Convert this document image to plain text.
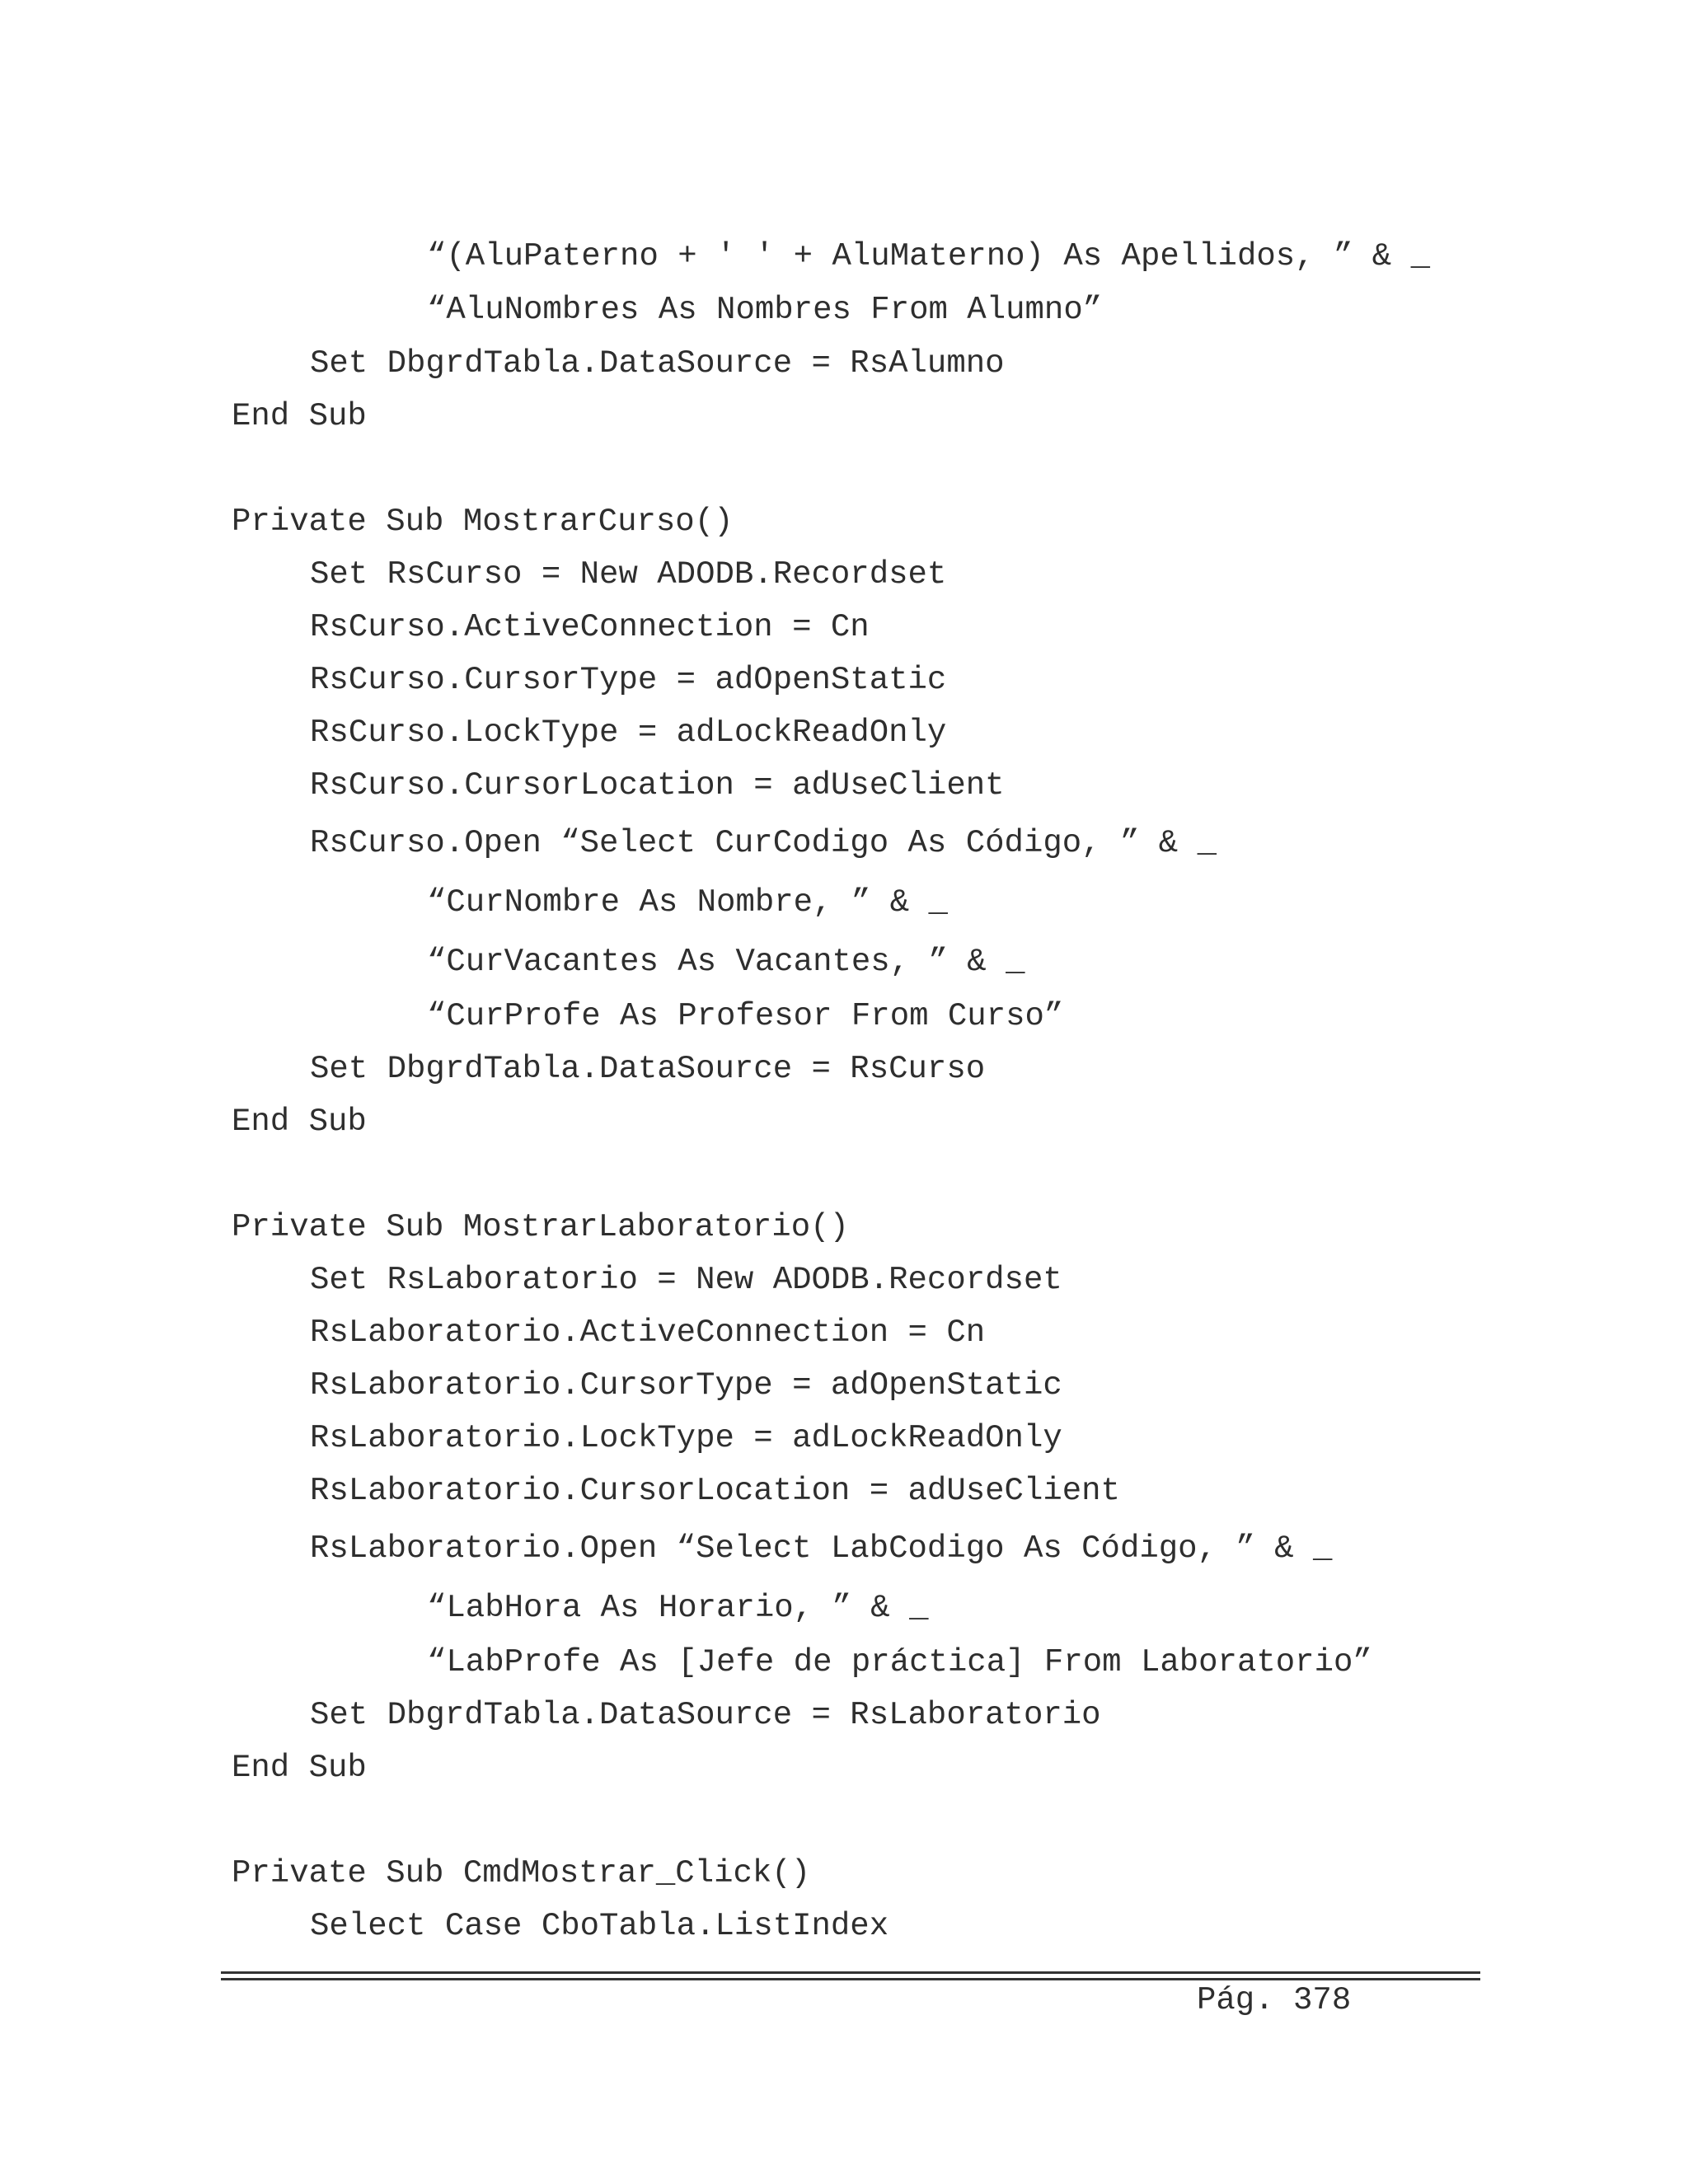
“(AluPaterno + ' ' + AluMaterno) As Apellidos, ” & _
“AluNombres As Nombres From Alumno”
Set DbgrdTabla.DataSource = RsAlumno
End Sub
Private Sub MostrarCurso()
Set RsCurso = New ADODB.Recordset
RsCurso.ActiveConnection = Cn
RsCurso.CursorType = adOpenStatic
RsCurso.LockType = adLockReadOnly
RsCurso.CursorLocation = adUseClient
RsCurso.Open “Select CurCodigo As Código, ” & _
“CurNombre As Nombre, ” & _
“CurVacantes As Vacantes, ” & _
“CurProfe As Profesor From Curso”
Set DbgrdTabla.DataSource = RsCurso
End Sub
Private Sub MostrarLaboratorio()
Set RsLaboratorio = New ADODB.Recordset
RsLaboratorio.ActiveConnection = Cn
RsLaboratorio.CursorType = adOpenStatic
RsLaboratorio.LockType = adLockReadOnly
RsLaboratorio.CursorLocation = adUseClient
RsLaboratorio.Open “Select LabCodigo As Código, ” & _
“LabHora As Horario, ” & _
“LabProfe As [Jefe de práctica] From Laboratorio”
Set DbgrdTabla.DataSource = RsLaboratorio
End Sub
Private Sub CmdMostrar_Click()
Select Case CboTabla.ListIndex
Pág. 378
